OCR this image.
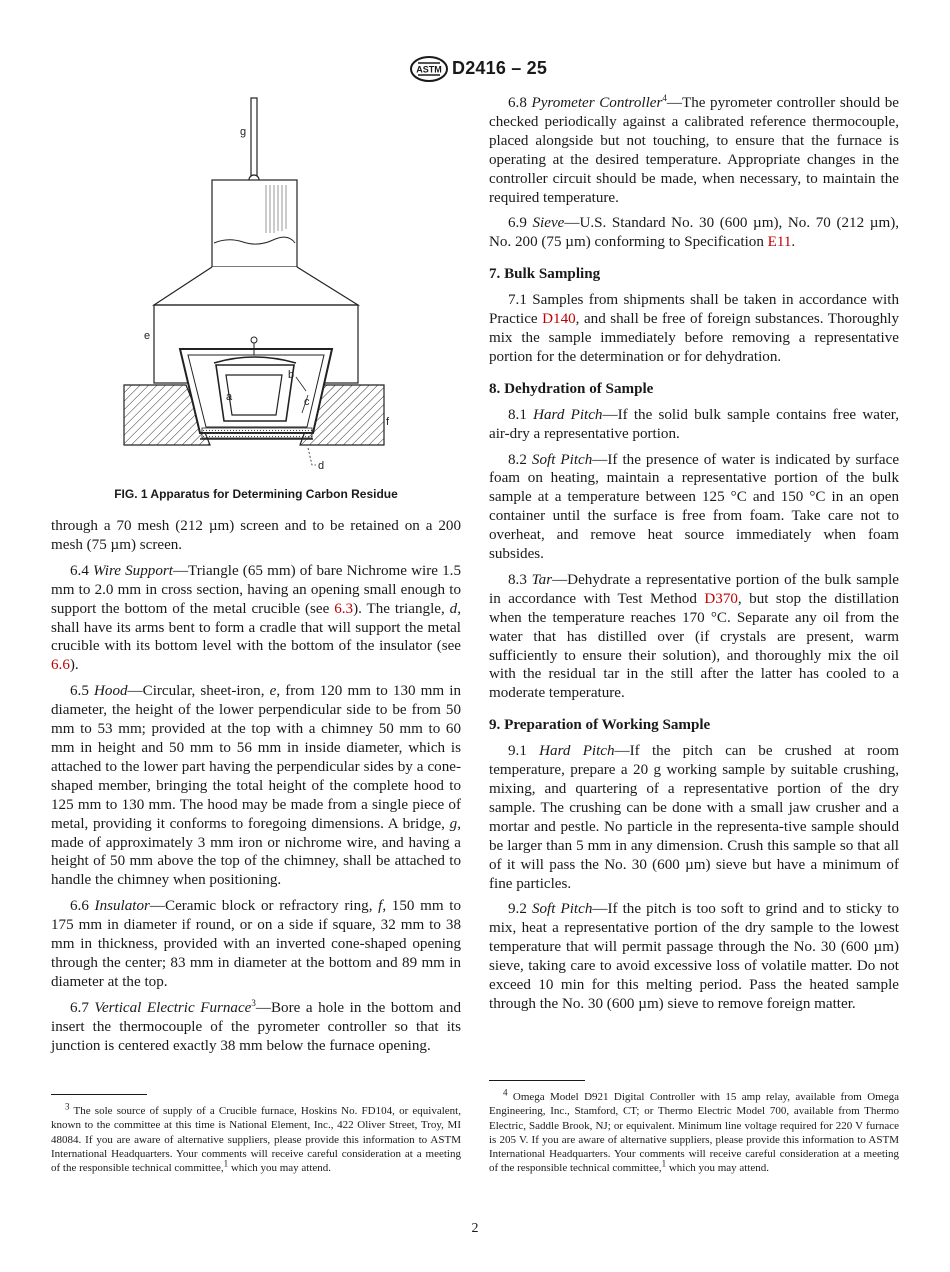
ASTM D2416 – 25
g
e
a
b
c
f
d
FIG. 1 Apparatus for Determining Carbon Residue

through a 70 mesh (212 µm) screen and to be retained on a 200 mesh (75 µm) screen.

6.4 Wire Support—Triangle (65 mm) of bare Nichrome wire 1.5 mm to 2.0 mm in cross section, having an opening small enough to support the bottom of the metal crucible (see 6.3). The triangle, d, shall have its arms bent to form a cradle that will support the metal crucible with its bottom level with the bottom of the insulator (see 6.6).

6.5 Hood—Circular, sheet-iron, e, from 120 mm to 130 mm in diameter, the height of the lower perpendicular side to be from 50 mm to 53 mm; provided at the top with a chimney 50 mm to 60 mm in height and 50 mm to 56 mm in inside diameter, which is attached to the lower part having the perpendicular sides by a cone-shaped member, bringing the total height of the complete hood to 125 mm to 130 mm. The hood may be made from a single piece of metal, providing it conforms to foregoing dimensions. A bridge, g, made of approximately 3 mm iron or nichrome wire, and having a height of 50 mm above the top of the chimney, shall be attached to handle the chimney when positioning.

6.6 Insulator—Ceramic block or refractory ring, f, 150 mm to 175 mm in diameter if round, or on a side if square, 32 mm to 38 mm in thickness, provided with an inverted cone-shaped opening through the center; 83 mm in diameter at the bottom and 89 mm in diameter at the top.

6.7 Vertical Electric Furnace$^3$—Bore a hole in the bottom and insert the thermocouple of the pyrometer controller so that its junction is centered exactly 38 mm below the furnace opening.

$^3$ The sole source of supply of a Crucible furnace, Hoskins No. FD104, or equivalent, known to the committee at this time is National Element, Inc., 422 Oliver Street, Troy, MI 48084. If you are aware of alternative suppliers, please provide this information to ASTM International Headquarters. Your comments will receive careful consideration at a meeting of the responsible technical committee,$^1$ which you may attend.

6.8 Pyrometer Controller$^4$—The pyrometer controller should be checked periodically against a calibrated reference thermocouple, placed alongside but not touching, to ensure that the furnace is operating at the desired temperature. Appropriate changes in the controller circuit should be made, when necessary, to maintain the required temperature.

6.9 Sieve—U.S. Standard No. 30 (600 µm), No. 70 (212 µm), No. 200 (75 µm) conforming to Specification E11.

7. Bulk Sampling

7.1 Samples from shipments shall be taken in accordance with Practice D140, and shall be free of foreign substances. Thoroughly mix the sample immediately before removing a representative portion for the determination or for dehydration.

8. Dehydration of Sample

8.1 Hard Pitch—If the solid bulk sample contains free water, air-dry a representative portion.

8.2 Soft Pitch—If the presence of water is indicated by surface foam on heating, maintain a representative portion of the bulk sample at a temperature between 125 °C and 150 °C in an open container until the surface is free from foam. Take care not to overheat, and remove heat source immediately when foam subsides.

8.3 Tar—Dehydrate a representative portion of the bulk sample in accordance with Test Method D370, but stop the distillation when the temperature reaches 170 °C. Separate any oil from the water that has distilled over (if crystals are present, warm sufficiently to ensure their solution), and thoroughly mix the oil with the residual tar in the still after the latter has cooled to a moderate temperature.

9. Preparation of Working Sample

9.1 Hard Pitch—If the pitch can be crushed at room temperature, prepare a 20 g working sample by suitable crushing, mixing, and quartering of a representative portion of the dry sample. The crushing can be done with a small jaw crusher and a mortar and pestle. No particle in the representa-tive sample should be larger than 5 mm in any dimension. Crush this sample so that all of it will pass the No. 30 (600 µm) sieve but have a minimum of fine particles.

9.2 Soft Pitch—If the pitch is too soft to grind and to sticky to mix, heat a representative portion of the dry sample to the lowest temperature that will permit passage through the No. 30 (600 µm) sieve, taking care to avoid excessive loss of volatile matter. Do not exceed 10 min for this melting period. Pass the heated sample through the No. 30 (600 µm) sieve to remove foreign matter.

$^4$ Omega Model D921 Digital Controller with 15 amp relay, available from Omega Engineering, Inc., Stamford, CT; or Thermo Electric Model 700, available from Thermo Electric, Saddle Brook, NJ; or equivalent. Minimum line voltage required for 220 V furnace is 205 V. If you are aware of alternative suppliers, please provide this information to ASTM International Headquarters. Your comments will receive careful consideration at a meeting of the responsible technical committee,$^1$ which you may attend.
2
